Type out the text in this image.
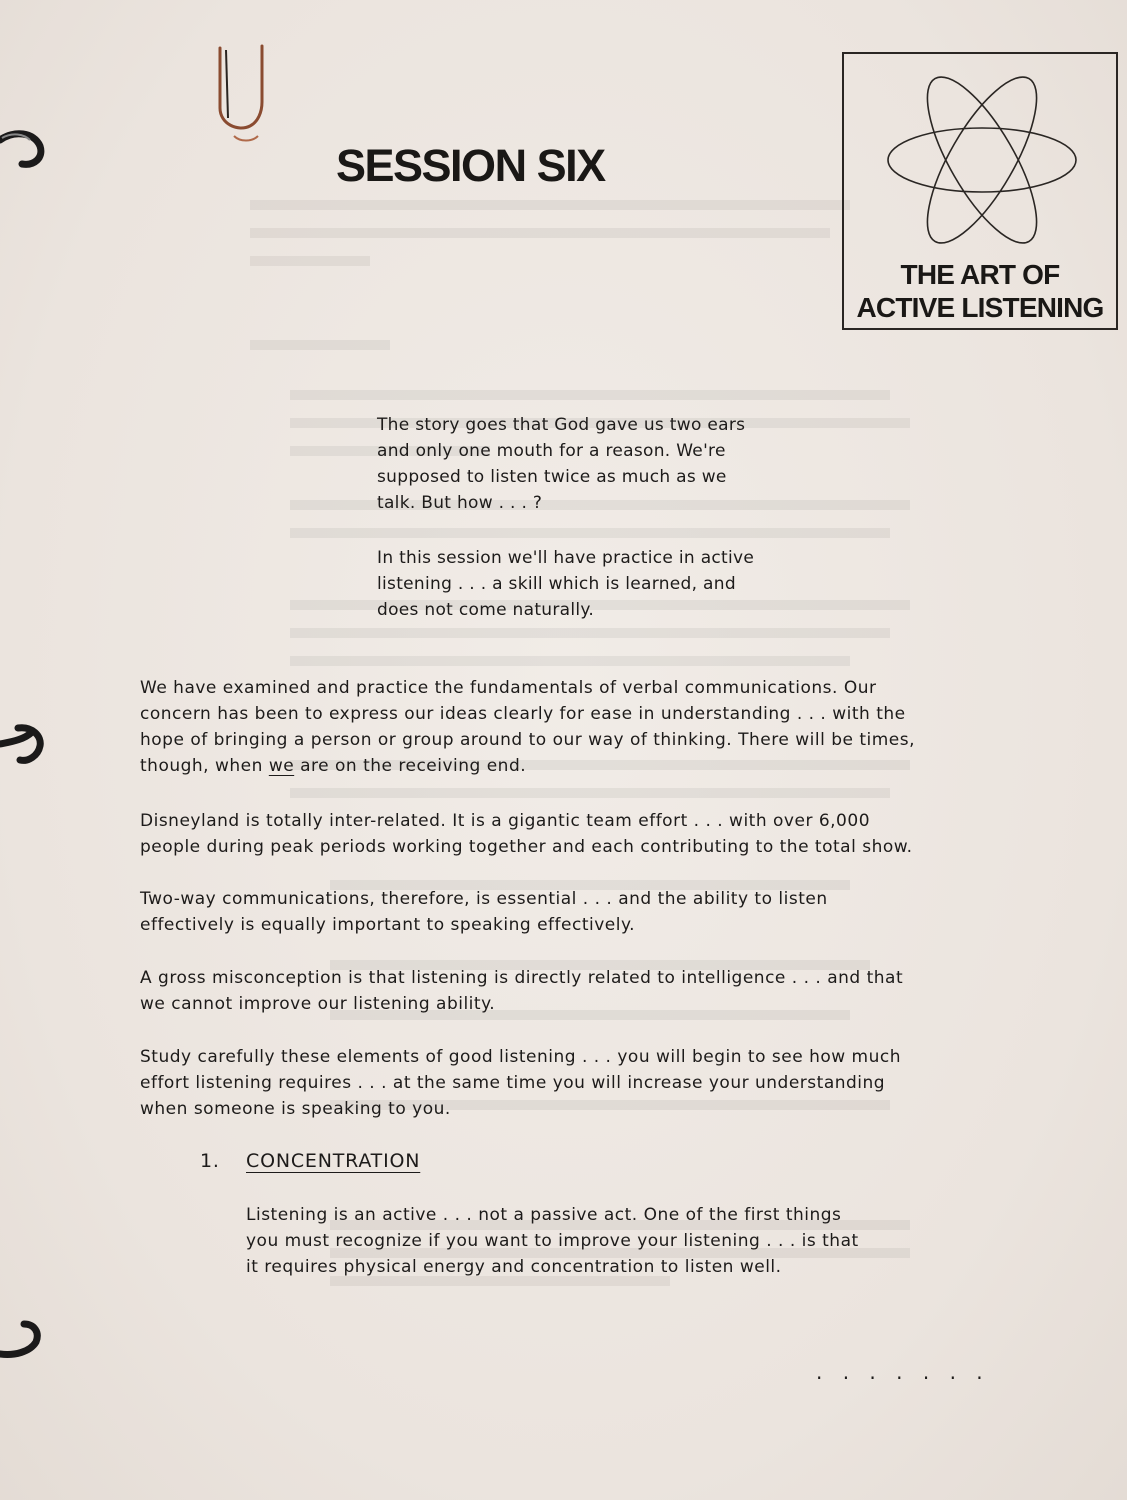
SESSION SIX
THE ART OF
ACTIVE LISTENING
The story goes that God gave us two ears
and only one mouth for a reason. We're
supposed to listen twice as much as we
talk. But how . . . ?
In this session we'll have practice in active
listening . . . a skill which is learned, and
does not come naturally.
We have examined and practice the fundamentals of verbal communications. Our
concern has been to express our ideas clearly for ease in understanding . . . with the
hope of bringing a person or group around to our way of thinking. There will be times,
though, when we are on the receiving end.
Disneyland is totally inter-related. It is a gigantic team effort . . . with over 6,000
people during peak periods working together and each contributing to the total show.
Two-way communications, therefore, is essential . . . and the ability to listen
effectively is equally important to speaking effectively.
A gross misconception is that listening is directly related to intelligence . . . and that
we cannot improve our listening ability.
Study carefully these elements of good listening . . . you will begin to see how much
effort listening requires . . . at the same time you will increase your understanding
when someone is speaking to you.
1. CONCENTRATION
Listening is an active . . . not a passive act. One of the first things
you must recognize if you want to improve your listening . . . is that
it requires physical energy and concentration to listen well.
. . . . . . .
